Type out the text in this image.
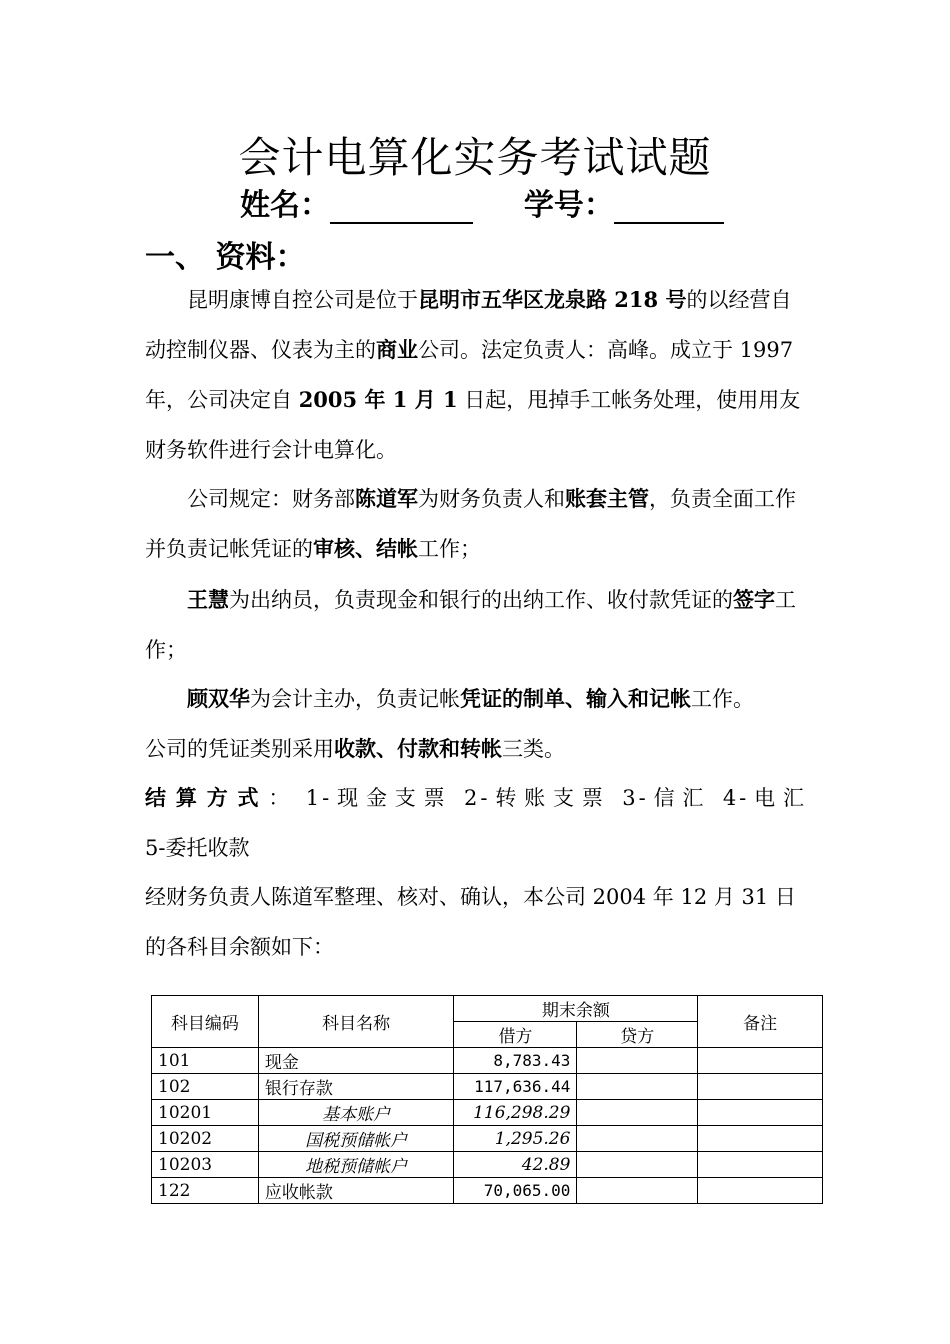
会计电算化实务考试试题
姓名：	学号：
一、 资料：
昆明康博自控公司是位于昆明市五华区龙泉路 218 号的以经营自动控制仪器、仪表为主的商业公司。法定负责人：高峰。成立于 1997 年，公司决定自 2005 年 1 月 1 日起，甩掉手工帐务处理，使用用友财务软件进行会计电算化。
公司规定：财务部陈道军为财务负责人和账套主管，负责全面工作并负责记帐凭证的审核、结帐工作；
王慧为出纳员，负责现金和银行的出纳工作、收付款凭证的签字工作；
顾双华为会计主办，负责记帐凭证的制单、输入和记帐工作。
公司的凭证类别采用收款、付款和转帐三类。
结算方式： 1-现金支票 2-转账支票 3-信汇 4-电汇
5-委托收款
经财务负责人陈道军整理、核对、确认，本公司 2004 年 12 月 31 日的各科目余额如下：
科目编码	科目名称	期末余额		备注
		借方	贷方	
101	现金	8,783.43		
102	银行存款	117,636.44		
10201	基本账户	116,298.29		
10202	国税预储帐户	1,295.26		
10203	地税预储帐户	42.89		
122	应收帐款	70,065.00		
